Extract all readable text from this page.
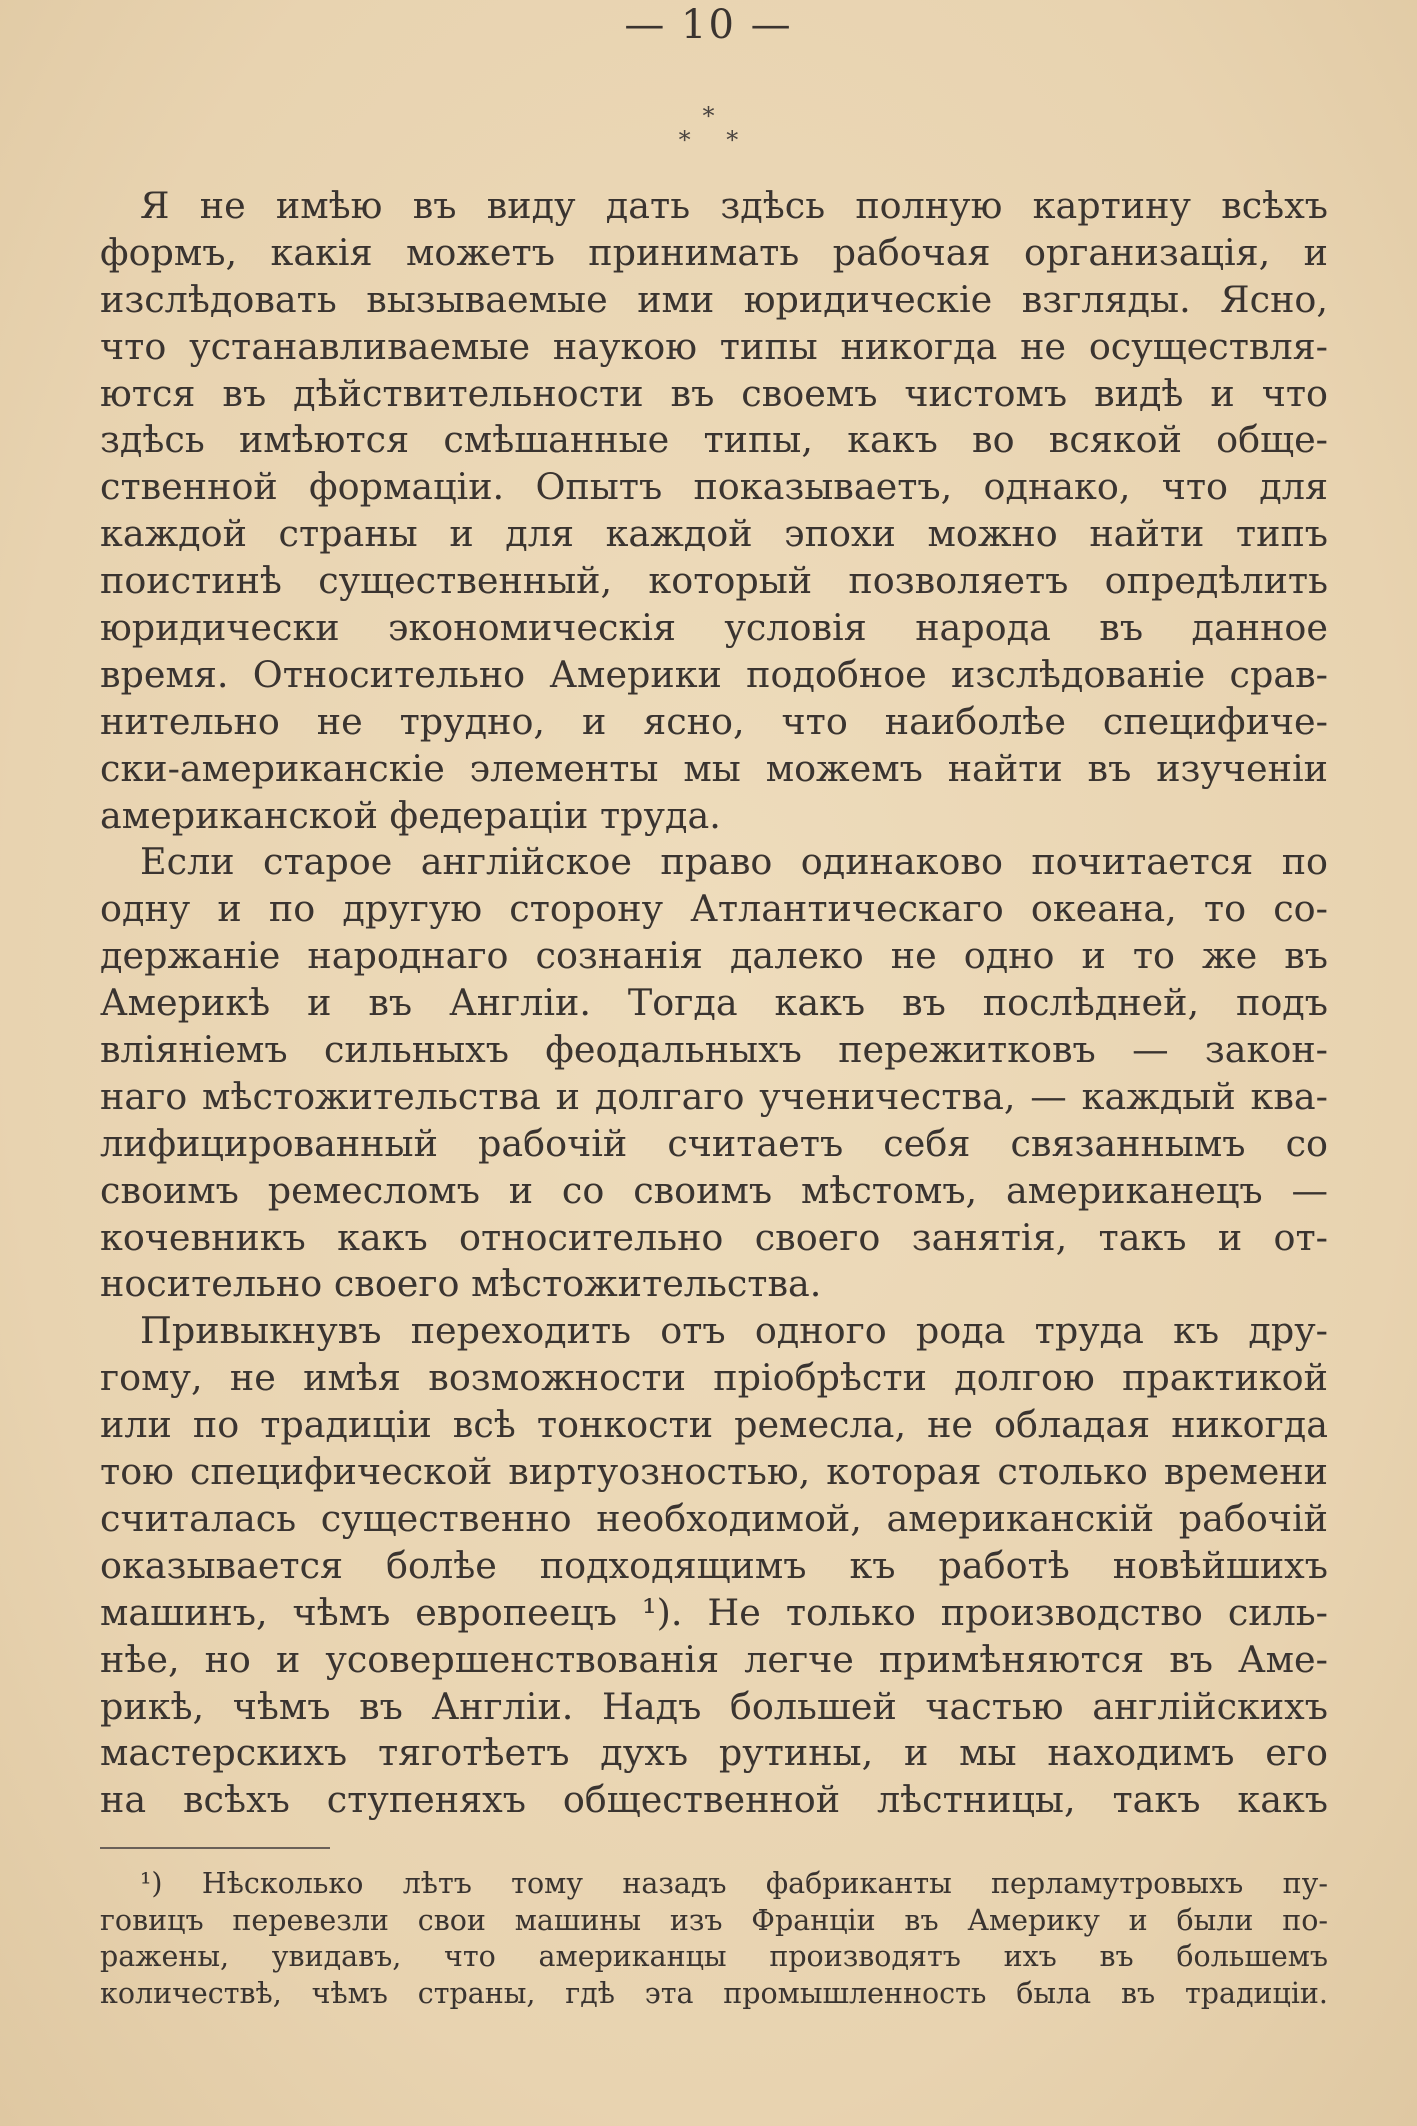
— 10 —
*
* *
Я не имѣю въ виду дать здѣсь полную картину всѣхъ
формъ, какія можетъ принимать рабочая организація, и
изслѣдовать вызываемые ими юридическіе взгляды. Ясно,
что устанавливаемые наукою типы никогда не осуществля-
ются въ дѣйствительности въ своемъ чистомъ видѣ и что
здѣсь имѣются смѣшанные типы, какъ во всякой обще-
ственной формаціи. Опытъ показываетъ, однако, что для
каждой страны и для каждой эпохи можно найти типъ
поистинѣ существенный, который позволяетъ опредѣлить
юридически экономическія условія народа въ данное
время. Относительно Америки подобное изслѣдованіе срав-
нительно не трудно, и ясно, что наиболѣе специфиче-
ски-американскіе элементы мы можемъ найти въ изученіи
американской федераціи труда.
Если старое англійское право одинаково почитается по
одну и по другую сторону Атлантическаго океана, то со-
держаніе народнаго сознанія далеко не одно и то же въ
Америкѣ и въ Англіи. Тогда какъ въ послѣдней, подъ
вліяніемъ сильныхъ феодальныхъ пережитковъ — закон-
наго мѣстожительства и долгаго ученичества, — каждый ква-
лифицированный рабочій считаетъ себя связаннымъ со
своимъ ремесломъ и со своимъ мѣстомъ, американецъ —
кочевникъ какъ относительно своего занятія, такъ и от-
носительно своего мѣстожительства.
Привыкнувъ переходить отъ одного рода труда къ дру-
гому, не имѣя возможности пріобрѣсти долгою практикой
или по традиціи всѣ тонкости ремесла, не обладая никогда
тою специфической виртуозностью, которая столько времени
считалась существенно необходимой, американскій рабочій
оказывается болѣе подходящимъ къ работѣ новѣйшихъ
машинъ, чѣмъ европеецъ ¹). Не только производство силь-
нѣе, но и усовершенствованія легче примѣняются въ Аме-
рикѣ, чѣмъ въ Англіи. Надъ большей частью англійскихъ
мастерскихъ тяготѣетъ духъ рутины, и мы находимъ его
на всѣхъ ступеняхъ общественной лѣстницы, такъ какъ
¹) Нѣсколько лѣтъ тому назадъ фабриканты перламутровыхъ пу-
говицъ перевезли свои машины изъ Франціи въ Америку и были по-
ражены, увидавъ, что американцы производятъ ихъ въ большемъ
количествѣ, чѣмъ страны, гдѣ эта промышленность была въ традиціи.
